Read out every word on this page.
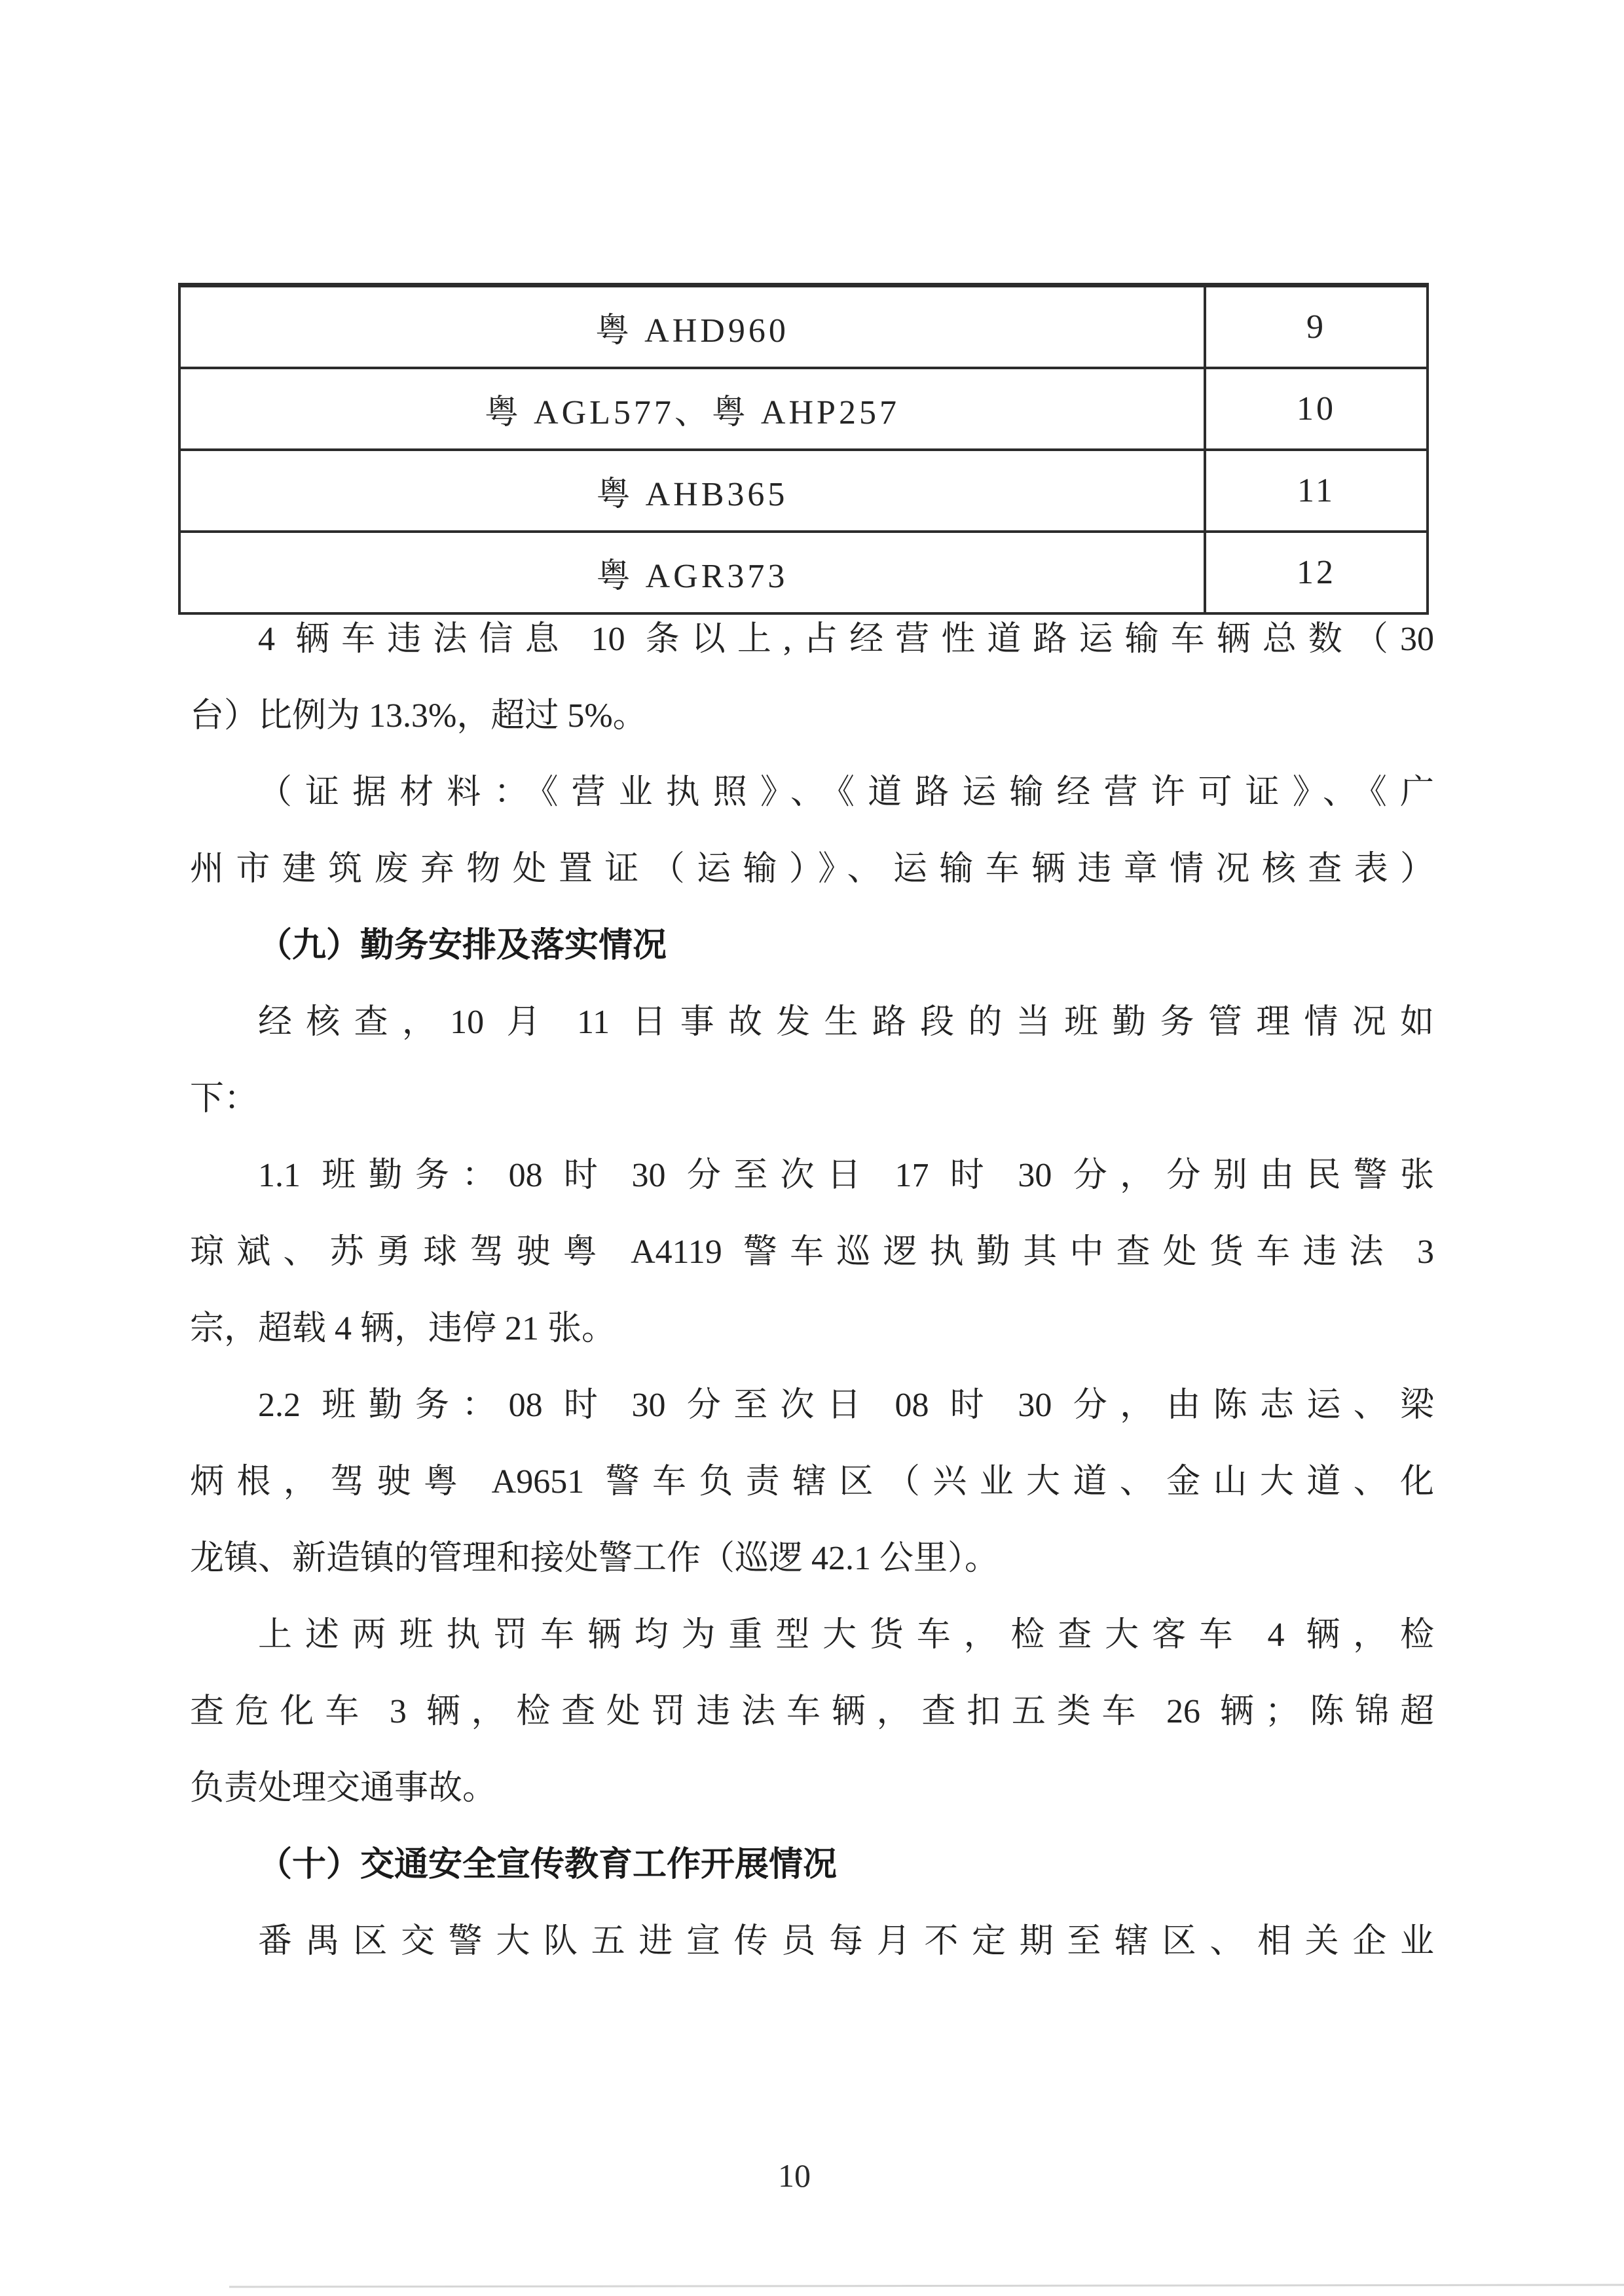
粤 AHD960	9
粤 AGL577、粤 AHP257	10
粤 AHB365	11
粤 AGR373	12
4 辆车违法信息 10 条以上,占经营性道路运输车辆总数（30
台）比例为 13.3%，超过 5%。
（证据材料：《营业执照》、《道路运输经营许可证》、《广
州市建筑废弃物处置证（运输）》、运输车辆违章情况核查表）
（九）勤务安排及落实情况
经核查，10 月 11 日事故发生路段的当班勤务管理情况如
下：
1.1 班勤务：08 时 30 分至次日 17 时 30 分，分别由民警张
琼斌、苏勇球驾驶粤 A4119 警车巡逻执勤其中查处货车违法 3
宗，超载 4 辆，违停 21 张。
2.2 班勤务：08 时 30 分至次日 08 时 30 分，由陈志运、梁
炳根，驾驶粤 A9651 警车负责辖区（兴业大道、金山大道、化
龙镇、新造镇的管理和接处警工作（巡逻 42.1 公里）。
上述两班执罚车辆均为重型大货车，检查大客车 4 辆，检
查危化车 3 辆，检查处罚违法车辆，查扣五类车 26 辆；陈锦超
负责处理交通事故。
（十）交通安全宣传教育工作开展情况
番禺区交警大队五进宣传员每月不定期至辖区、相关企业
10
